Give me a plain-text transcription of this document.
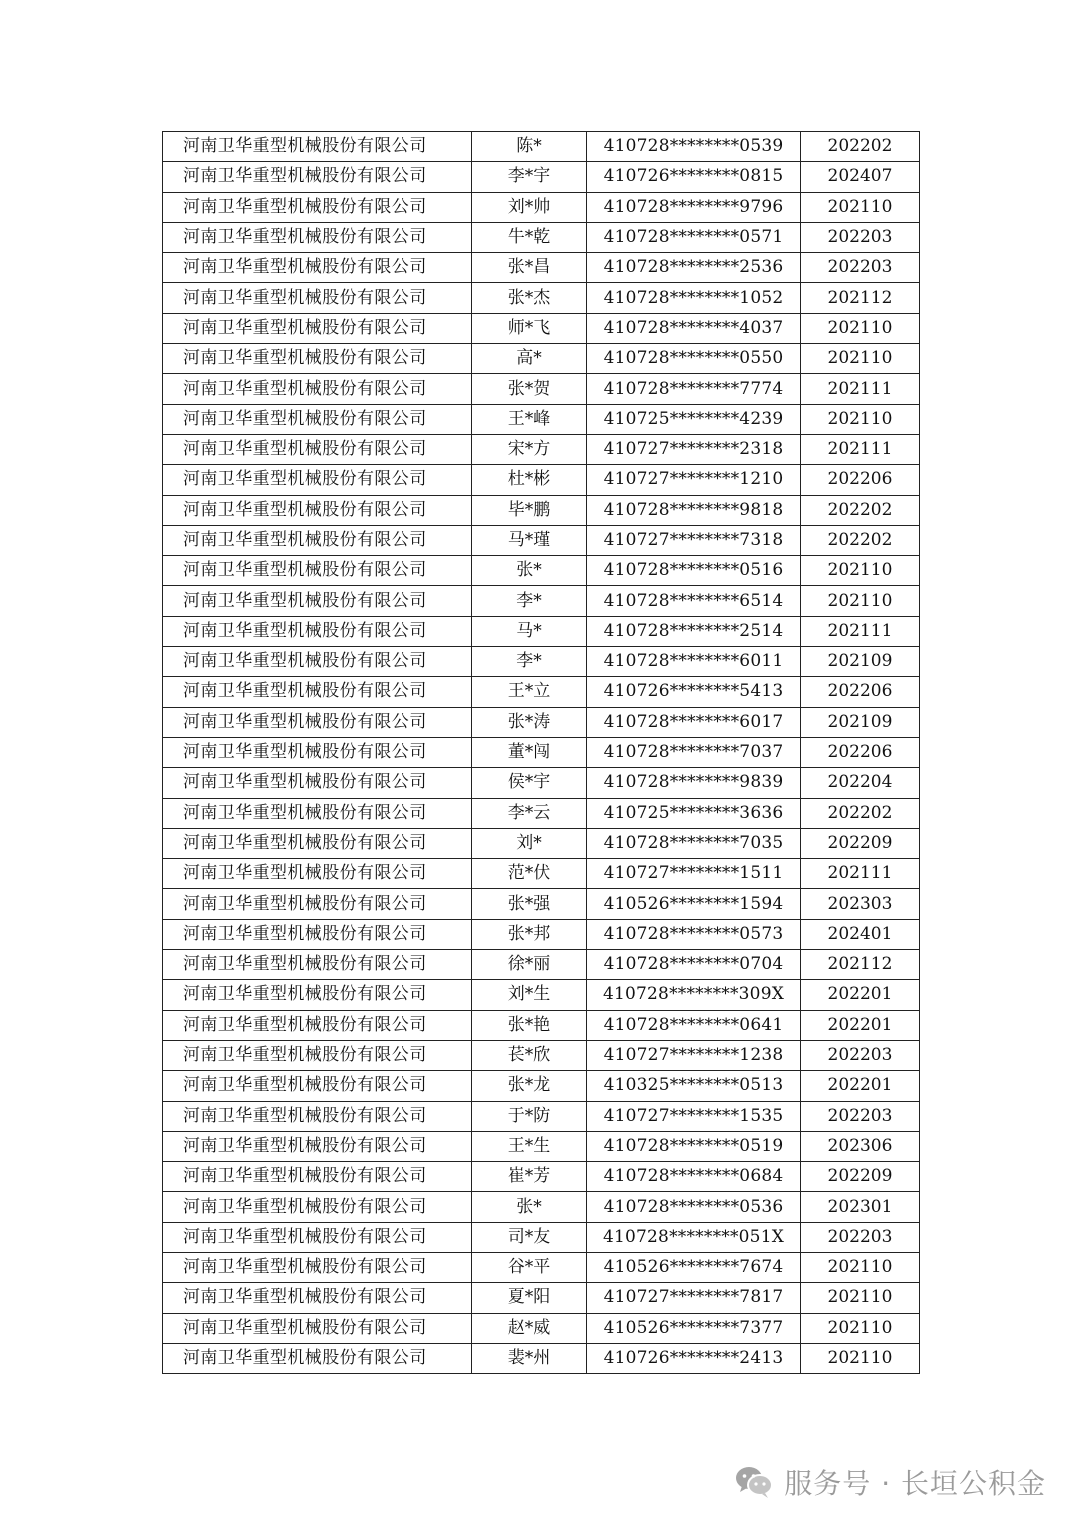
河南卫华重型机械股份有限公司	陈*	410728********0539	202202
河南卫华重型机械股份有限公司	李*宇	410726********0815	202407
河南卫华重型机械股份有限公司	刘*帅	410728********9796	202110
河南卫华重型机械股份有限公司	牛*乾	410728********0571	202203
河南卫华重型机械股份有限公司	张*昌	410728********2536	202203
河南卫华重型机械股份有限公司	张*杰	410728********1052	202112
河南卫华重型机械股份有限公司	师*飞	410728********4037	202110
河南卫华重型机械股份有限公司	高*	410728********0550	202110
河南卫华重型机械股份有限公司	张*贺	410728********7774	202111
河南卫华重型机械股份有限公司	王*峰	410725********4239	202110
河南卫华重型机械股份有限公司	宋*方	410727********2318	202111
河南卫华重型机械股份有限公司	杜*彬	410727********1210	202206
河南卫华重型机械股份有限公司	毕*鹏	410728********9818	202202
河南卫华重型机械股份有限公司	马*瑾	410727********7318	202202
河南卫华重型机械股份有限公司	张*	410728********0516	202110
河南卫华重型机械股份有限公司	李*	410728********6514	202110
河南卫华重型机械股份有限公司	马*	410728********2514	202111
河南卫华重型机械股份有限公司	李*	410728********6011	202109
河南卫华重型机械股份有限公司	王*立	410726********5413	202206
河南卫华重型机械股份有限公司	张*涛	410728********6017	202109
河南卫华重型机械股份有限公司	董*闯	410728********7037	202206
河南卫华重型机械股份有限公司	侯*宇	410728********9839	202204
河南卫华重型机械股份有限公司	李*云	410725********3636	202202
河南卫华重型机械股份有限公司	刘*	410728********7035	202209
河南卫华重型机械股份有限公司	范*伏	410727********1511	202111
河南卫华重型机械股份有限公司	张*强	410526********1594	202303
河南卫华重型机械股份有限公司	张*邦	410728********0573	202401
河南卫华重型机械股份有限公司	徐*丽	410728********0704	202112
河南卫华重型机械股份有限公司	刘*生	410728********309X	202201
河南卫华重型机械股份有限公司	张*艳	410728********0641	202201
河南卫华重型机械股份有限公司	苌*欣	410727********1238	202203
河南卫华重型机械股份有限公司	张*龙	410325********0513	202201
河南卫华重型机械股份有限公司	于*防	410727********1535	202203
河南卫华重型机械股份有限公司	王*生	410728********0519	202306
河南卫华重型机械股份有限公司	崔*芳	410728********0684	202209
河南卫华重型机械股份有限公司	张*	410728********0536	202301
河南卫华重型机械股份有限公司	司*友	410728********051X	202203
河南卫华重型机械股份有限公司	谷*平	410526********7674	202110
河南卫华重型机械股份有限公司	夏*阳	410727********7817	202110
河南卫华重型机械股份有限公司	赵*威	410526********7377	202110
河南卫华重型机械股份有限公司	裴*州	410726********2413	202110
服务号 · 长垣公积金
